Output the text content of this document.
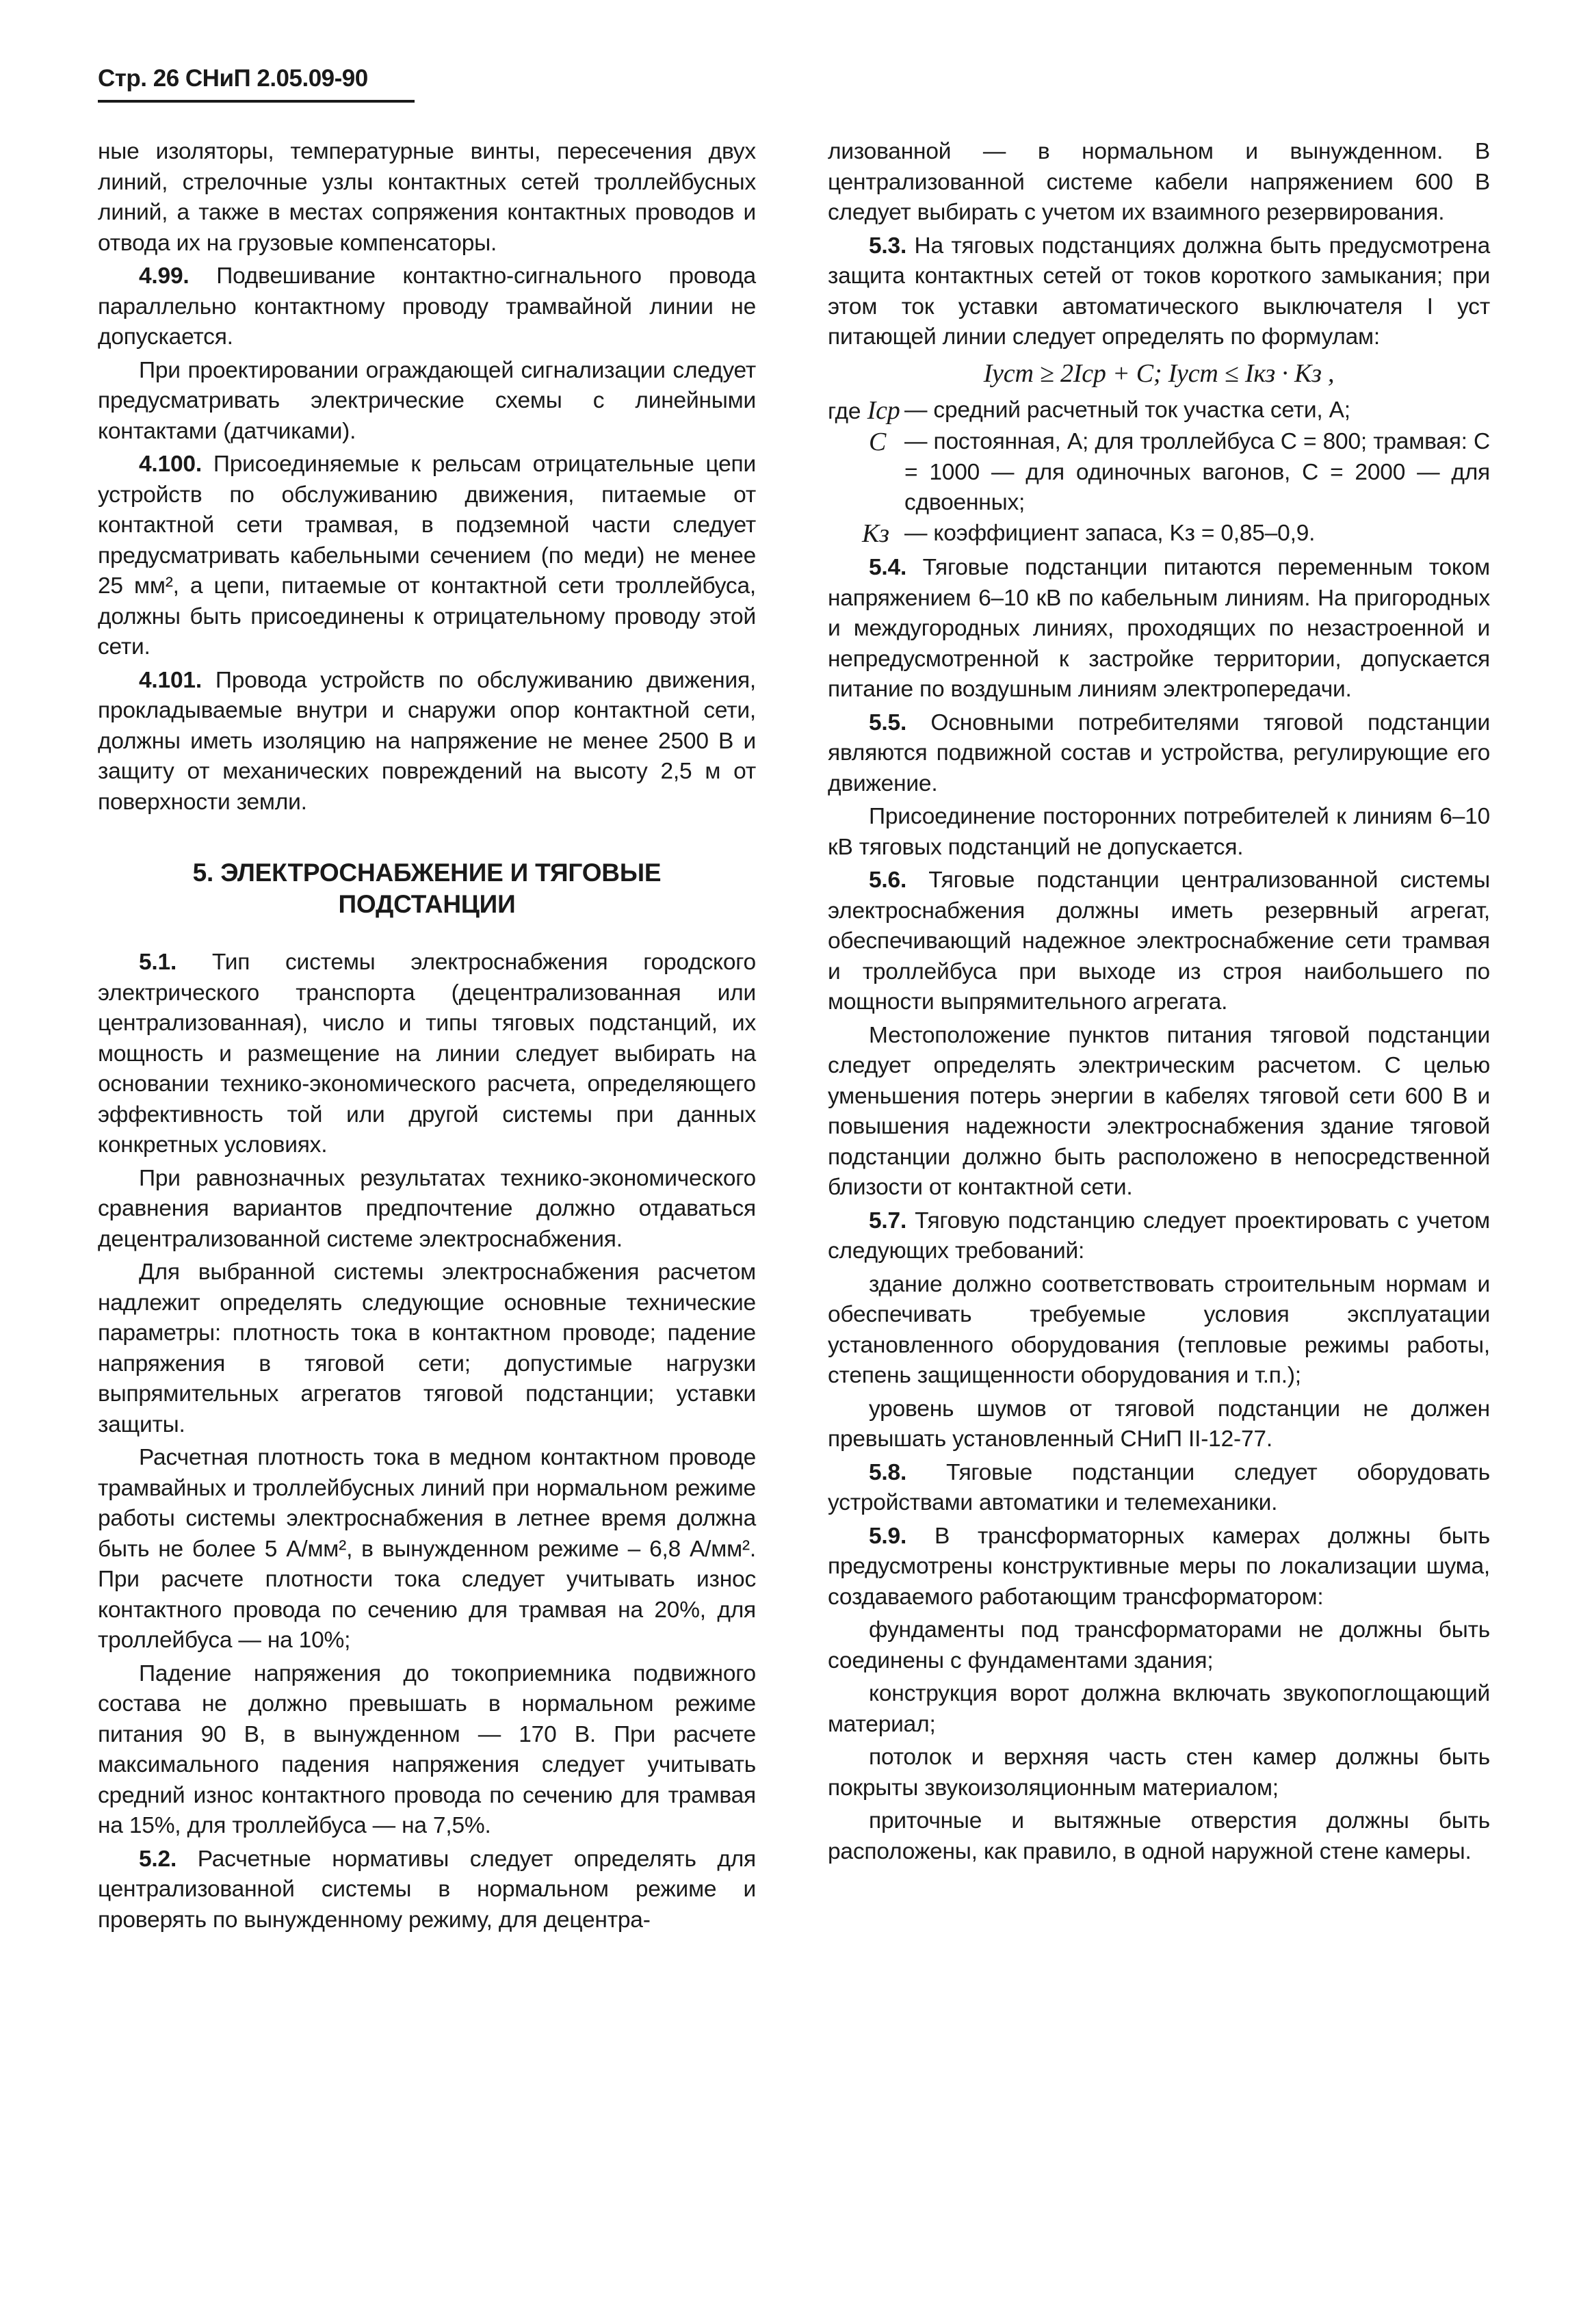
Стр. 26 СНиП 2.05.09-90

ные изоляторы, температурные винты, пересечения двух линий, стрелочные узлы контактных сетей троллейбусных линий, а также в местах сопряжения контактных проводов и отвода их на грузовые компенсаторы.

4.99. Подвешивание контактно-сигнального провода параллельно контактному проводу трамвайной линии не допускается.

При проектировании ограждающей сигнализации следует предусматривать электрические схемы с линейными контактами (датчиками).

4.100. Присоединяемые к рельсам отрицательные цепи устройств по обслуживанию движения, питаемые от контактной сети трамвая, в подземной части следует предусматривать кабельными сечением (по меди) не менее 25 мм², а цепи, питаемые от контактной сети троллейбуса, должны быть присоединены к отрицательному проводу этой сети.

4.101. Провода устройств по обслуживанию движения, прокладываемые внутри и снаружи опор контактной сети, должны иметь изоляцию на напряжение не менее 2500 В и защиту от механических повреждений на высоту 2,5 м от поверхности земли.

5. ЭЛЕКТРОСНАБЖЕНИЕ И ТЯГОВЫЕ
ПОДСТАНЦИИ

5.1. Тип системы электроснабжения городского электрического транспорта (децентрализованная или централизованная), число и типы тяговых подстанций, их мощность и размещение на линии следует выбирать на основании технико-экономического расчета, определяющего эффективность той или другой системы при данных конкретных условиях.

При равнозначных результатах технико-экономического сравнения вариантов предпочтение должно отдаваться децентрализованной системе электроснабжения.

Для выбранной системы электроснабжения расчетом надлежит определять следующие основные технические параметры: плотность тока в контактном проводе; падение напряжения в тяговой сети; допустимые нагрузки выпрямительных агрегатов тяговой подстанции; уставки защиты.

Расчетная плотность тока в медном контактном проводе трамвайных и троллейбусных линий при нормальном режиме работы системы электроснабжения в летнее время должна быть не более 5 А/мм², в вынужденном режиме – 6,8 А/мм². При расчете плотности тока следует учитывать износ контактного провода по сечению для трамвая на 20%, для троллейбуса — на 10%;

Падение напряжения до токоприемника подвижного состава не должно превышать в нормальном режиме питания 90 В, в вынужденном — 170 В. При расчете максимального падения напряжения следует учитывать средний износ контактного провода по сечению для трамвая на 15%, для троллейбуса — на 7,5%.

5.2. Расчетные нормативы следует определять для централизованной системы в нормальном режиме и проверять по вынужденному режиму, для децентра-

лизованной — в нормальном и вынужденном. В централизованной системе кабели напряжением 600 В следует выбирать с учетом их взаимного резервирования.

5.3. На тяговых подстанциях должна быть предусмотрена защита контактных сетей от токов короткого замыкания; при этом ток уставки автоматического выключателя I уст питающей линии следует определять по формулам:

Iуст ≥ 2Iср + C; Iуст ≤ Iкз · Kз ,
где Iср — средний расчетный ток участка сети, А;
C — постоянная, А; для троллейбуса C = 800; трамвая: C = 1000 — для одиночных вагонов, C = 2000 — для сдвоенных;
Kз — коэффициент запаса, Kз = 0,85–0,9.

5.4. Тяговые подстанции питаются переменным током напряжением 6–10 кВ по кабельным линиям. На пригородных и междугородных линиях, проходящих по незастроенной и непредусмотренной к застройке территории, допускается питание по воздушным линиям электропередачи.

5.5. Основными потребителями тяговой подстанции являются подвижной состав и устройства, регулирующие его движение.

Присоединение посторонних потребителей к линиям 6–10 кВ тяговых подстанций не допускается.

5.6. Тяговые подстанции централизованной системы электроснабжения должны иметь резервный агрегат, обеспечивающий надежное электроснабжение сети трамвая и троллейбуса при выходе из строя наибольшего по мощности выпрямительного агрегата.

Местоположение пунктов питания тяговой подстанции следует определять электрическим расчетом. С целью уменьшения потерь энергии в кабелях тяговой сети 600 В и повышения надежности электроснабжения здание тяговой подстанции должно быть расположено в непосредственной близости от контактной сети.

5.7. Тяговую подстанцию следует проектировать с учетом следующих требований:

здание должно соответствовать строительным нормам и обеспечивать требуемые условия эксплуатации установленного оборудования (тепловые режимы работы, степень защищенности оборудования и т.п.);

уровень шумов от тяговой подстанции не должен превышать установленный СНиП II-12-77.

5.8. Тяговые подстанции следует оборудовать устройствами автоматики и телемеханики.

5.9. В трансформаторных камерах должны быть предусмотрены конструктивные меры по локализации шума, создаваемого работающим трансформатором:

фундаменты под трансформаторами не должны быть соединены с фундаментами здания;

конструкция ворот должна включать звукопоглощающий материал;

потолок и верхняя часть стен камер должны быть покрыты звукоизоляционным материалом;

приточные и вытяжные отверстия должны быть расположены, как правило, в одной наружной стене камеры.
